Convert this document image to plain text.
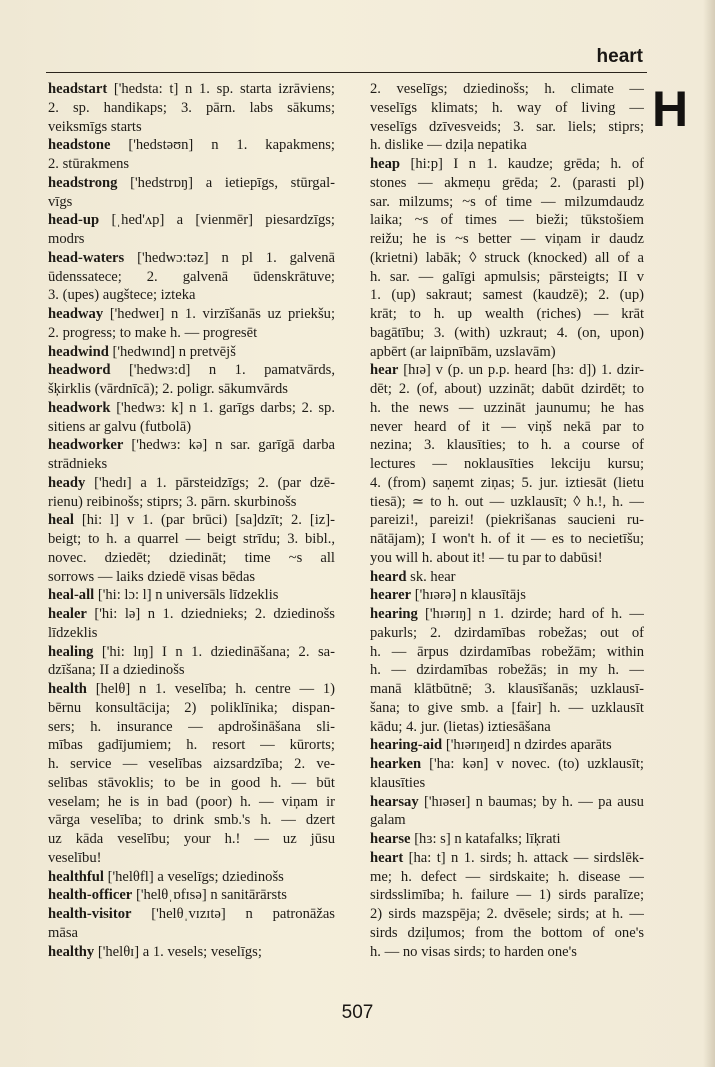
heart
H
headstart ['hedsta: t] n 1. sp. starta izrāviens;
2. sp. handikaps; 3. pārn. labs sākums;
veiksmīgs starts
headstone ['hedstəʊn] n 1. kapakmens;
2. stūrakmens
headstrong ['hedstrɒŋ] a ietiepīgs, stūrgal-
vīgs
head-up [ˌhed'ʌp] a [vienmēr] piesardzīgs;
modrs
head-waters ['hedwɔ:təz] n pl 1. galvenā
ūdenssatece; 2. galvenā ūdenskrātuve;
3. (upes) augštece; izteka
headway ['hedweɪ] n 1. virzīšanās uz priekšu;
2. progress; to make h. — progresēt
headwind ['hedwɪnd] n pretvējš
headword ['hedwɜ:d] n 1. pamatvārds,
šķirklis (vārdnīcā); 2. poligr. sākumvārds
headwork ['hedwɜ: k] n 1. garīgs darbs; 2. sp.
sitiens ar galvu (futbolā)
headworker ['hedwɜ: kə] n sar. garīgā darba
strādnieks
heady ['hedɪ] a 1. pārsteidzīgs; 2. (par dzē-
rienu) reibinošs; stiprs; 3. pārn. skurbinošs
heal [hi: l] v 1. (par brūci) [sa]dzīt; 2. [iz]-
beigt; to h. a quarrel — beigt strīdu; 3. bibl.,
novec. dziedēt; dziedināt; time ~s all
sorrows — laiks dziedē visas bēdas
heal-all ['hi: lɔ: l] n universāls līdzeklis
healer ['hi: lə] n 1. dziednieks; 2. dziedinošs
līdzeklis
healing ['hi: lɪŋ] I n 1. dziedināšana; 2. sa-
dzīšana; II a dziedinošs
health [helθ] n 1. veselība; h. centre — 1)
bērnu konsultācija; 2) poliklīnika; dispan-
sers; h. insurance — apdrošināšana sli-
mības gadījumiem; h. resort — kūrorts;
h. service — veselības aizsardzība; 2. ve-
selības stāvoklis; to be in good h. — būt
veselam; he is in bad (poor) h. — viņam ir
vārga veselība; to drink smb.'s h. — dzert
uz kāda veselību; your h.! — uz jūsu
veselību!
healthful ['helθfl] a veselīgs; dziedinošs
health-officer ['helθˌɒfɪsə] n sanitārārsts
health-visitor ['helθˌvɪzɪtə] n patronāžas
māsa
healthy ['helθɪ] a 1. vesels; veselīgs;
2. veselīgs; dziedinošs; h. climate —
veselīgs klimats; h. way of living —
veselīgs dzīvesveids; 3. sar. liels; stiprs;
h. dislike — dziļa nepatika
heap [hi:p] I n 1. kaudze; grēda; h. of
stones — akmeņu grēda; 2. (parasti pl)
sar. milzums; ~s of time — milzumdaudz
laika; ~s of times — bieži; tūkstošiem
reižu; he is ~s better — viņam ir daudz
(krietni) labāk; ◊ struck (knocked) all of a
h. sar. — galīgi apmulsis; pārsteigts; II v
1. (up) sakraut; samest (kaudzē); 2. (up)
krāt; to h. up wealth (riches) — krāt
bagātību; 3. (with) uzkraut; 4. (on, upon)
apbērt (ar laipnībām, uzslavām)
hear [hɪə] v (p. un p.p. heard [hɜ: d]) 1. dzir-
dēt; 2. (of, about) uzzināt; dabūt dzirdēt; to
h. the news — uzzināt jaunumu; he has
never heard of it — viņš nekā par to
nezina; 3. klausīties; to h. a course of
lectures — noklausīties lekciju kursu;
4. (from) saņemt ziņas; 5. jur. iztiesāt (lietu
tiesā); ≃ to h. out — uzklausīt; ◊ h.!, h. —
pareizi!, pareizi! (piekrišanas saucieni ru-
nātājam); I won't h. of it — es to necietīšu;
you will h. about it! — tu par to dabūsi!
heard sk. hear
hearer ['hɪərə] n klausītājs
hearing ['hɪərɪŋ] n 1. dzirde; hard of h. —
pakurls; 2. dzirdamības robežas; out of
h. — ārpus dzirdamības robežām; within
h. — dzirdamības robežās; in my h. —
manā klātbūtnē; 3. klausīšanās; uzklausī-
šana; to give smb. a [fair] h. — uzklausīt
kādu; 4. jur. (lietas) iztiesāšana
hearing-aid ['hɪərɪŋeɪd] n dzirdes aparāts
hearken ['ha: kən] v novec. (to) uzklausīt;
klausīties
hearsay ['hɪəseɪ] n baumas; by h. — pa ausu
galam
hearse [hɜ: s] n katafalks; līķrati
heart [ha: t] n 1. sirds; h. attack — sirdslēk-
me; h. defect — sirdskaite; h. disease —
sirdsslimība; h. failure — 1) sirds paralīze;
2) sirds mazspēja; 2. dvēsele; sirds; at h. —
sirds dziļumos; from the bottom of one's
h. — no visas sirds; to harden one's
507
